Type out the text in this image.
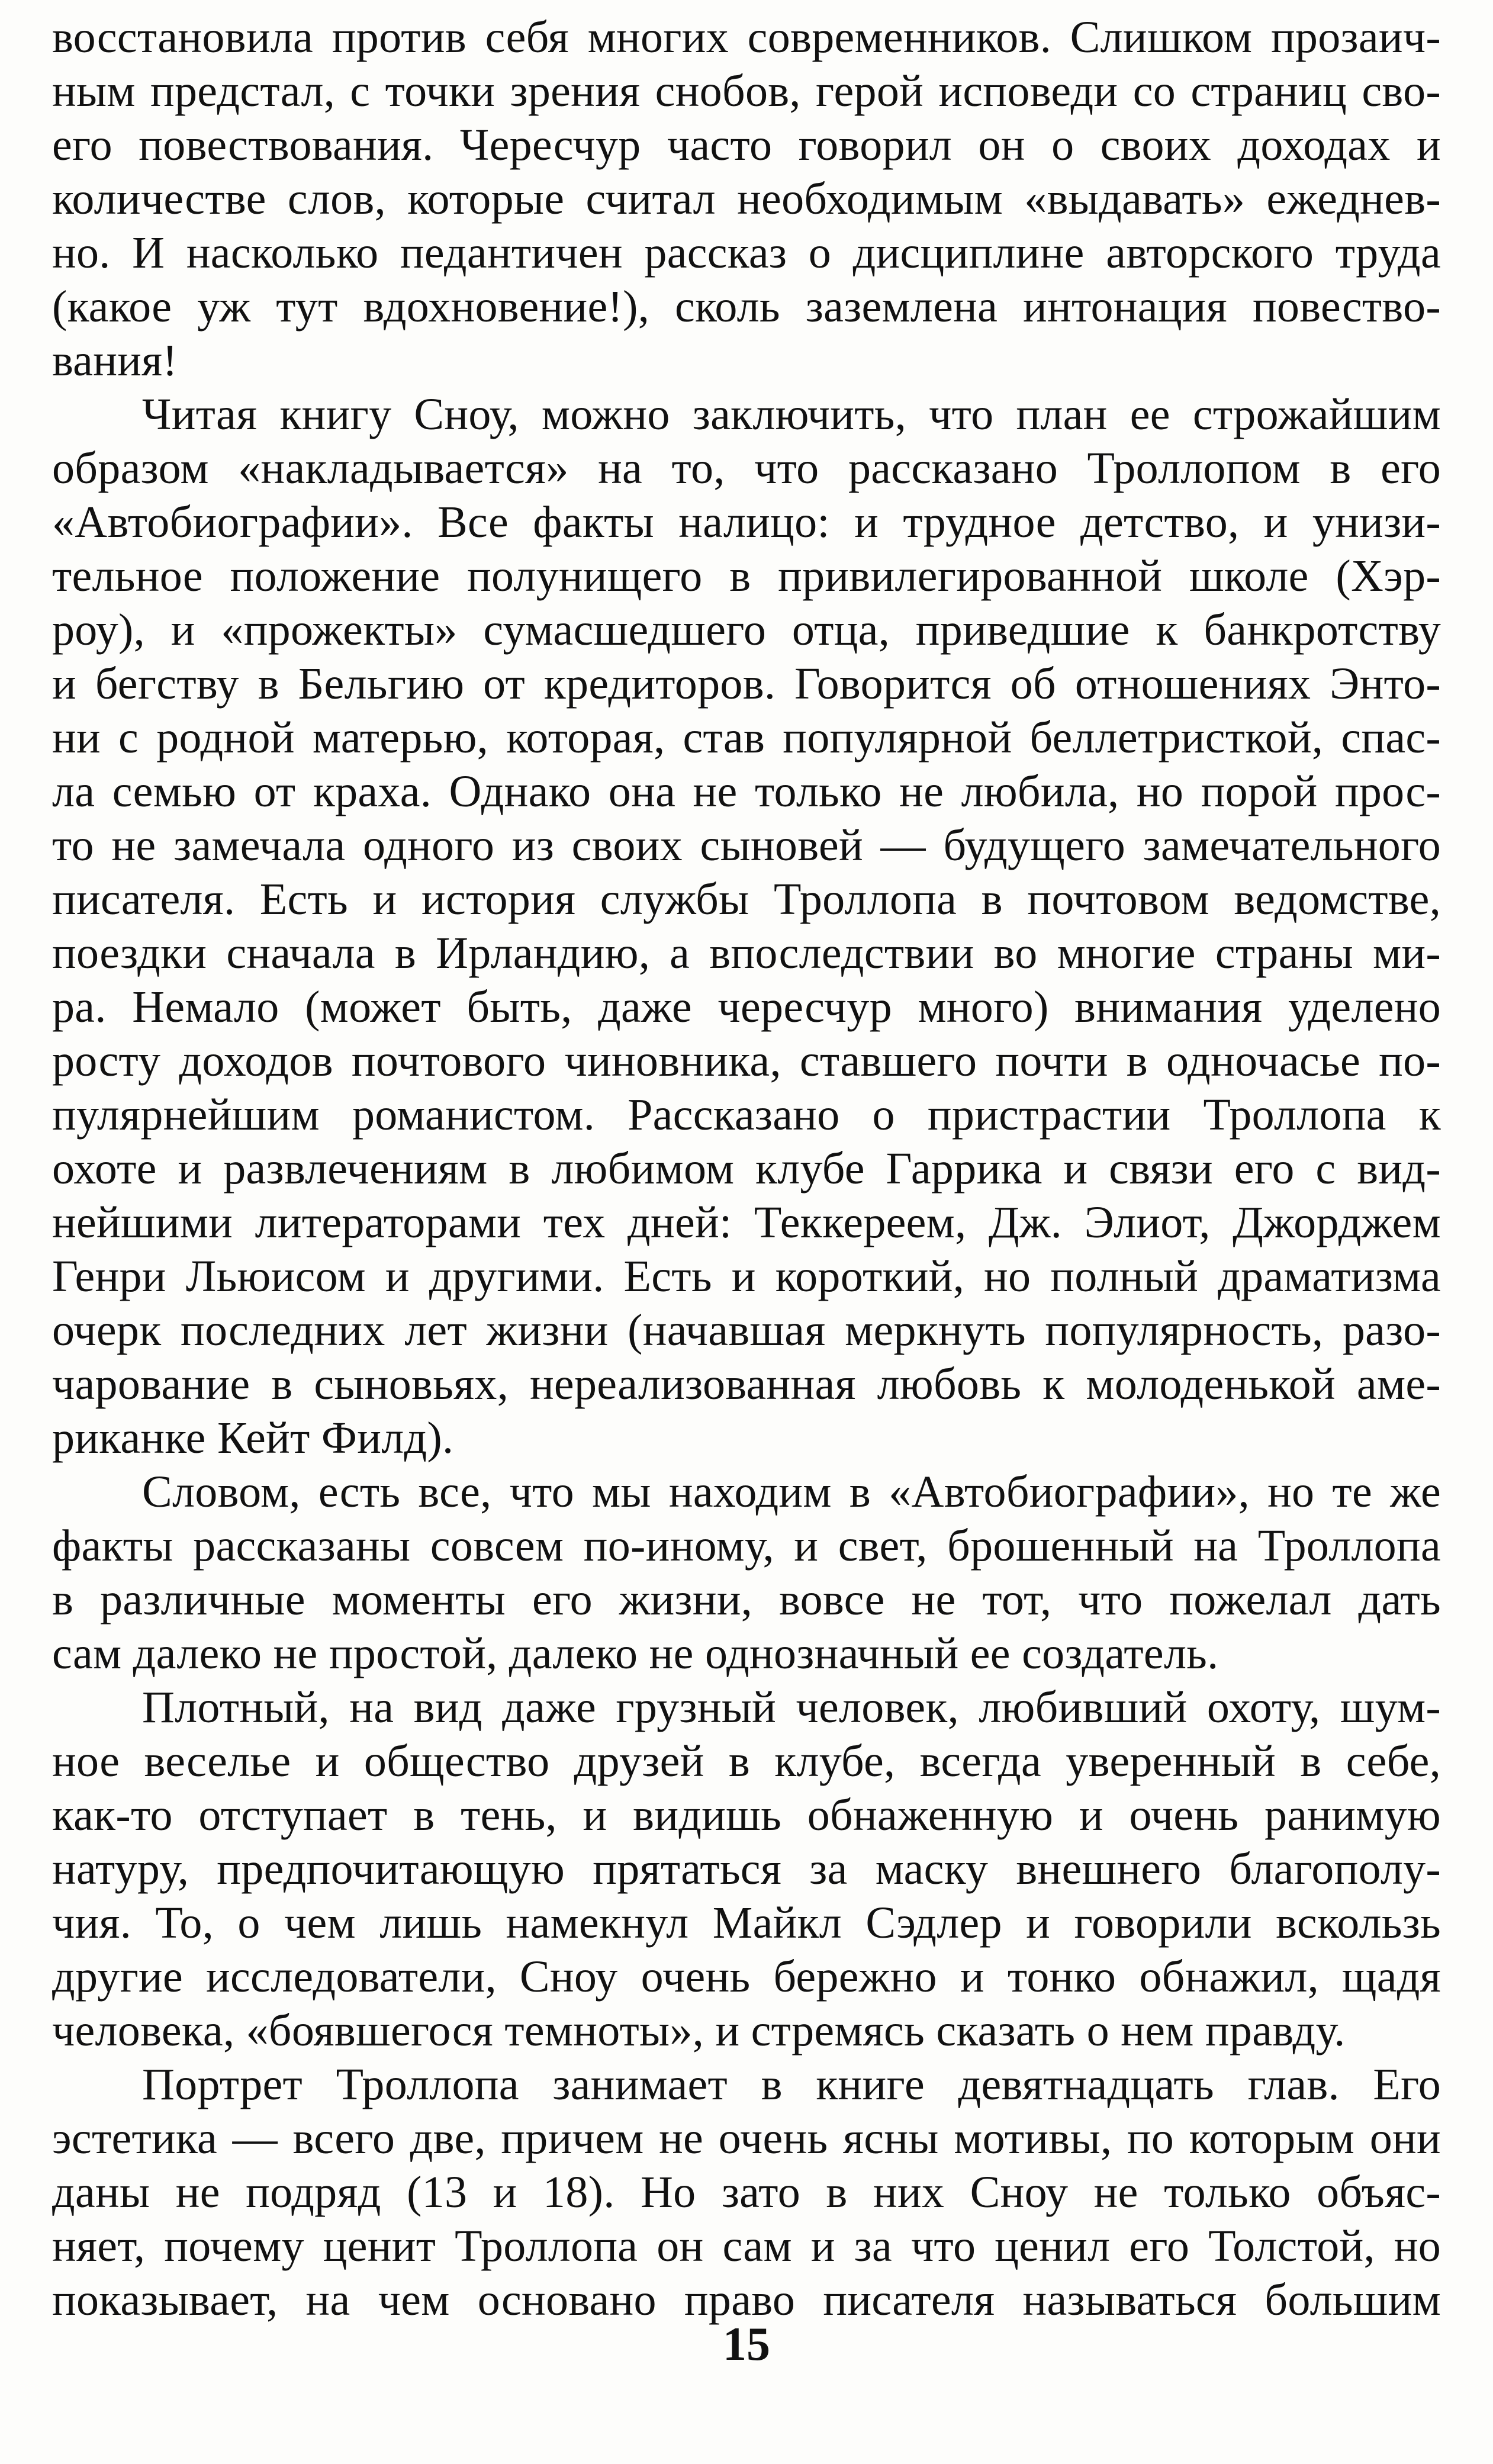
восстановила против себя многих современников. Слишком прозаич-
ным предстал, с точки зрения снобов, герой исповеди со страниц сво-
его повествования. Чересчур часто говорил он о своих доходах и
количестве слов, которые считал необходимым «выдавать» ежеднев-
но. И насколько педантичен рассказ о дисциплине авторского труда
(какое уж тут вдохновение!), сколь заземлена интонация повество-
вания!
Читая книгу Сноу, можно заключить, что план ее строжайшим
образом «накладывается» на то, что рассказано Троллопом в его
«Автобиографии». Все факты налицо: и трудное детство, и унизи-
тельное положение полунищего в привилегированной школе (Хэр-
роу), и «прожекты» сумасшедшего отца, приведшие к банкротству
и бегству в Бельгию от кредиторов. Говорится об отношениях Энто-
ни с родной матерью, которая, став популярной беллетристкой, спас-
ла семью от краха. Однако она не только не любила, но порой прос-
то не замечала одного из своих сыновей — будущего замечательного
писателя. Есть и история службы Троллопа в почтовом ведомстве,
поездки сначала в Ирландию, а впоследствии во многие страны ми-
ра. Немало (может быть, даже чересчур много) внимания уделено
росту доходов почтового чиновника, ставшего почти в одночасье по-
пулярнейшим романистом. Рассказано о пристрастии Троллопа к
охоте и развлечениям в любимом клубе Гаррика и связи его с вид-
нейшими литераторами тех дней: Теккереем, Дж. Элиот, Джорджем
Генри Льюисом и другими. Есть и короткий, но полный драматизма
очерк последних лет жизни (начавшая меркнуть популярность, разо-
чарование в сыновьях, нереализованная любовь к молоденькой аме-
риканке Кейт Филд).
Словом, есть все, что мы находим в «Автобиографии», но те же
факты рассказаны совсем по-иному, и свет, брошенный на Троллопа
в различные моменты его жизни, вовсе не тот, что пожелал дать
сам далеко не простой, далеко не однозначный ее создатель.
Плотный, на вид даже грузный человек, любивший охоту, шум-
ное веселье и общество друзей в клубе, всегда уверенный в себе,
как-то отступает в тень, и видишь обнаженную и очень ранимую
натуру, предпочитающую прятаться за маску внешнего благополу-
чия. То, о чем лишь намекнул Майкл Сэдлер и говорили вскользь
другие исследователи, Сноу очень бережно и тонко обнажил, щадя
человека, «боявшегося темноты», и стремясь сказать о нем правду.
Портрет Троллопа занимает в книге девятнадцать глав. Его
эстетика — всего две, причем не очень ясны мотивы, по которым они
даны не подряд (13 и 18). Но зато в них Сноу не только объяс-
няет, почему ценит Троллопа он сам и за что ценил его Толстой, но
показывает, на чем основано право писателя называться большим
15
